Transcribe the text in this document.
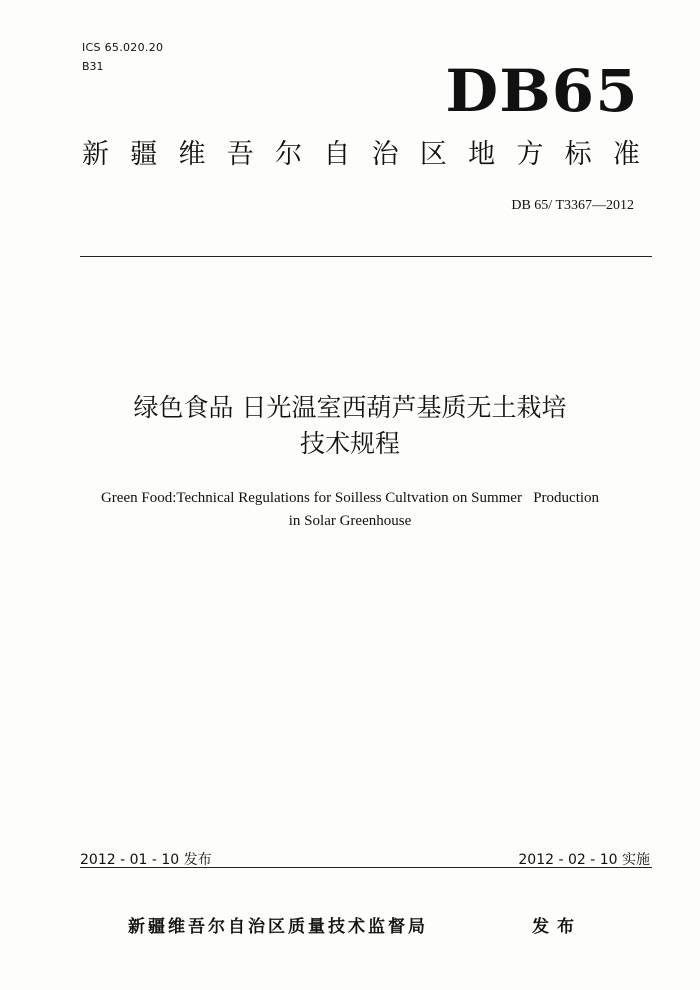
ICS 65.020.20
B31	DB65
新 疆 维 吾 尔 自 治 区 地 方 标 准
DB 65/ T3367—2012
绿色食品 日光温室西葫芦基质无土栽培
技术规程
Green Food:Technical Regulations for Soilless Cultvation on Summer   Production
in Solar Greenhouse
2012 - 01 - 10 发布	2012 - 02 - 10 实施
新疆维吾尔自治区质量技术监督局	发布
